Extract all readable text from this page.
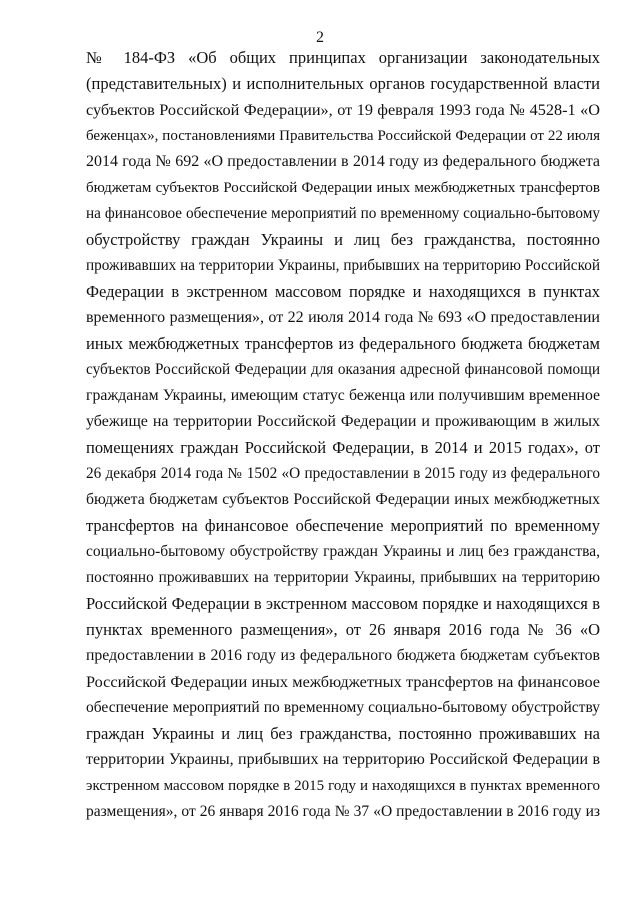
2
№ 184-ФЗ «Об общих принципах организации законодательных
(представительных) и исполнительных органов государственной власти
субъектов Российской Федерации», от 19 февраля 1993 года № 4528-1 «О
беженцах», постановлениями Правительства Российской Федерации от 22 июля
2014 года № 692 «О предоставлении в 2014 году из федерального бюджета
бюджетам субъектов Российской Федерации иных межбюджетных трансфертов
на финансовое обеспечение мероприятий по временному социально-бытовому
обустройству граждан Украины и лиц без гражданства, постоянно
проживавших на территории Украины, прибывших на территорию Российской
Федерации в экстренном массовом порядке и находящихся в пунктах
временного размещения», от 22 июля 2014 года № 693 «О предоставлении
иных межбюджетных трансфертов из федерального бюджета бюджетам
субъектов Российской Федерации для оказания адресной финансовой помощи
гражданам Украины, имеющим статус беженца или получившим временное
убежище на территории Российской Федерации и проживающим в жилых
помещениях граждан Российской Федерации, в 2014 и 2015 годах», от
26 декабря 2014 года № 1502 «О предоставлении в 2015 году из федерального
бюджета бюджетам субъектов Российской Федерации иных межбюджетных
трансфертов на финансовое обеспечение мероприятий по временному
социально-бытовому обустройству граждан Украины и лиц без гражданства,
постоянно проживавших на территории Украины, прибывших на территорию
Российской Федерации в экстренном массовом порядке и находящихся в
пунктах временного размещения», от 26 января 2016 года № 36 «О
предоставлении в 2016 году из федерального бюджета бюджетам субъектов
Российской Федерации иных межбюджетных трансфертов на финансовое
обеспечение мероприятий по временному социально-бытовому обустройству
граждан Украины и лиц без гражданства, постоянно проживавших на
территории Украины, прибывших на территорию Российской Федерации в
экстренном массовом порядке в 2015 году и находящихся в пунктах временного
размещения», от 26 января 2016 года № 37 «О предоставлении в 2016 году из
